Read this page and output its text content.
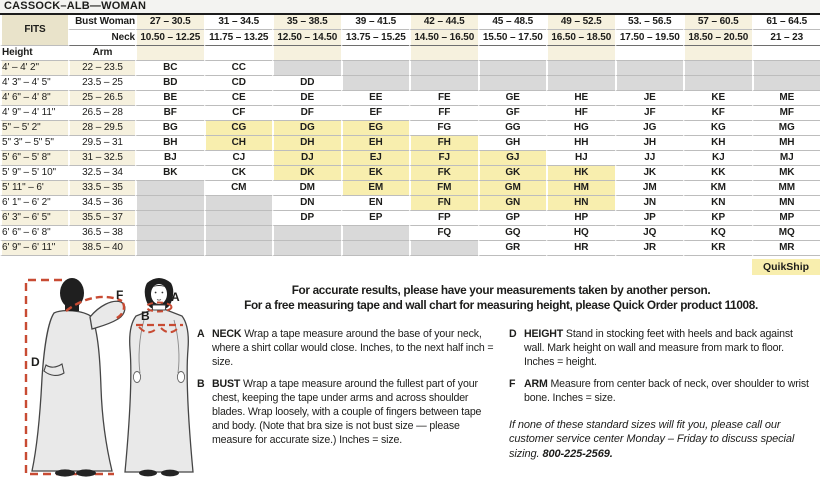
CASSOCK–ALB—WOMAN
FITS	Bust Woman	27 – 30.5	31 – 34.5	35 – 38.5	39 – 41.5	42 – 44.5	45 – 48.5	49 – 52.5	53. – 56.5	57 – 60.5	61 – 64.5
	Neck	10.50 – 12.25	11.75 – 13.25	12.50 – 14.50	13.75 – 15.25	14.50 – 16.50	15.50 – 17.50	16.50 – 18.50	17.50 – 19.50	18.50 – 20.50	21 – 23
Height	Arm										
4' – 4' 2"	22 – 23.5	BC	CC								
4' 3" – 4' 5"	23.5 – 25	BD	CD	DD							
4' 6" – 4' 8"	25 – 26.5	BE	CE	DE	EE	FE	GE	HE	JE	KE	ME
4' 9" – 4' 11"	26.5 – 28	BF	CF	DF	EF	FF	GF	HF	JF	KF	MF
5" – 5' 2"	28 – 29.5	BG	CG	DG	EG	FG	GG	HG	JG	KG	MG
5" 3" – 5" 5"	29.5 – 31	BH	CH	DH	EH	FH	GH	HH	JH	KH	MH
5' 6" – 5' 8"	31 – 32.5	BJ	CJ	DJ	EJ	FJ	GJ	HJ	JJ	KJ	MJ
5' 9" – 5' 10"	32.5 – 34	BK	CK	DK	EK	FK	GK	HK	JK	KK	MK
5' 11" – 6'	33.5 – 35		CM	DM	EM	FM	GM	HM	JM	KM	MM
6' 1" – 6' 2"	34.5 – 36			DN	EN	FN	GN	HN	JN	KN	MN
6' 3" – 6' 5"	35.5 – 37			DP	EP	FP	GP	HP	JP	KP	MP
6' 6" – 6' 8"	36.5 – 38					FQ	GQ	HQ	JQ	KQ	MQ
6' 9" – 6' 11"	38.5 – 40						GR	HR	JR	KR	MR
QuikShip
D
F	A
B
For accurate results, please have your measurements taken by another person.
For a free measuring tape and wall chart for measuring height, please Quick Order product 11008.
A NECK Wrap a tape measure around the base of your neck, where a shirt collar would close. Inches, to the next half inch = size.
B BUST Wrap a tape measure around the fullest part of your chest, keeping the tape under arms and across shoulder blades. Wrap loosely, with a couple of fingers between tape and body. (Note that bra size is not bust size — please measure for accurate size.) Inches = size.
D HEIGHT Stand in stocking feet with heels and back against wall. Mark height on wall and measure from mark to floor. Inches = height.
F ARM Measure from center back of neck, over shoulder to wrist bone. Inches = size.
If none of these standard sizes will fit you, please call our customer service center Monday – Friday to discuss special sizing. 800-225-2569.
